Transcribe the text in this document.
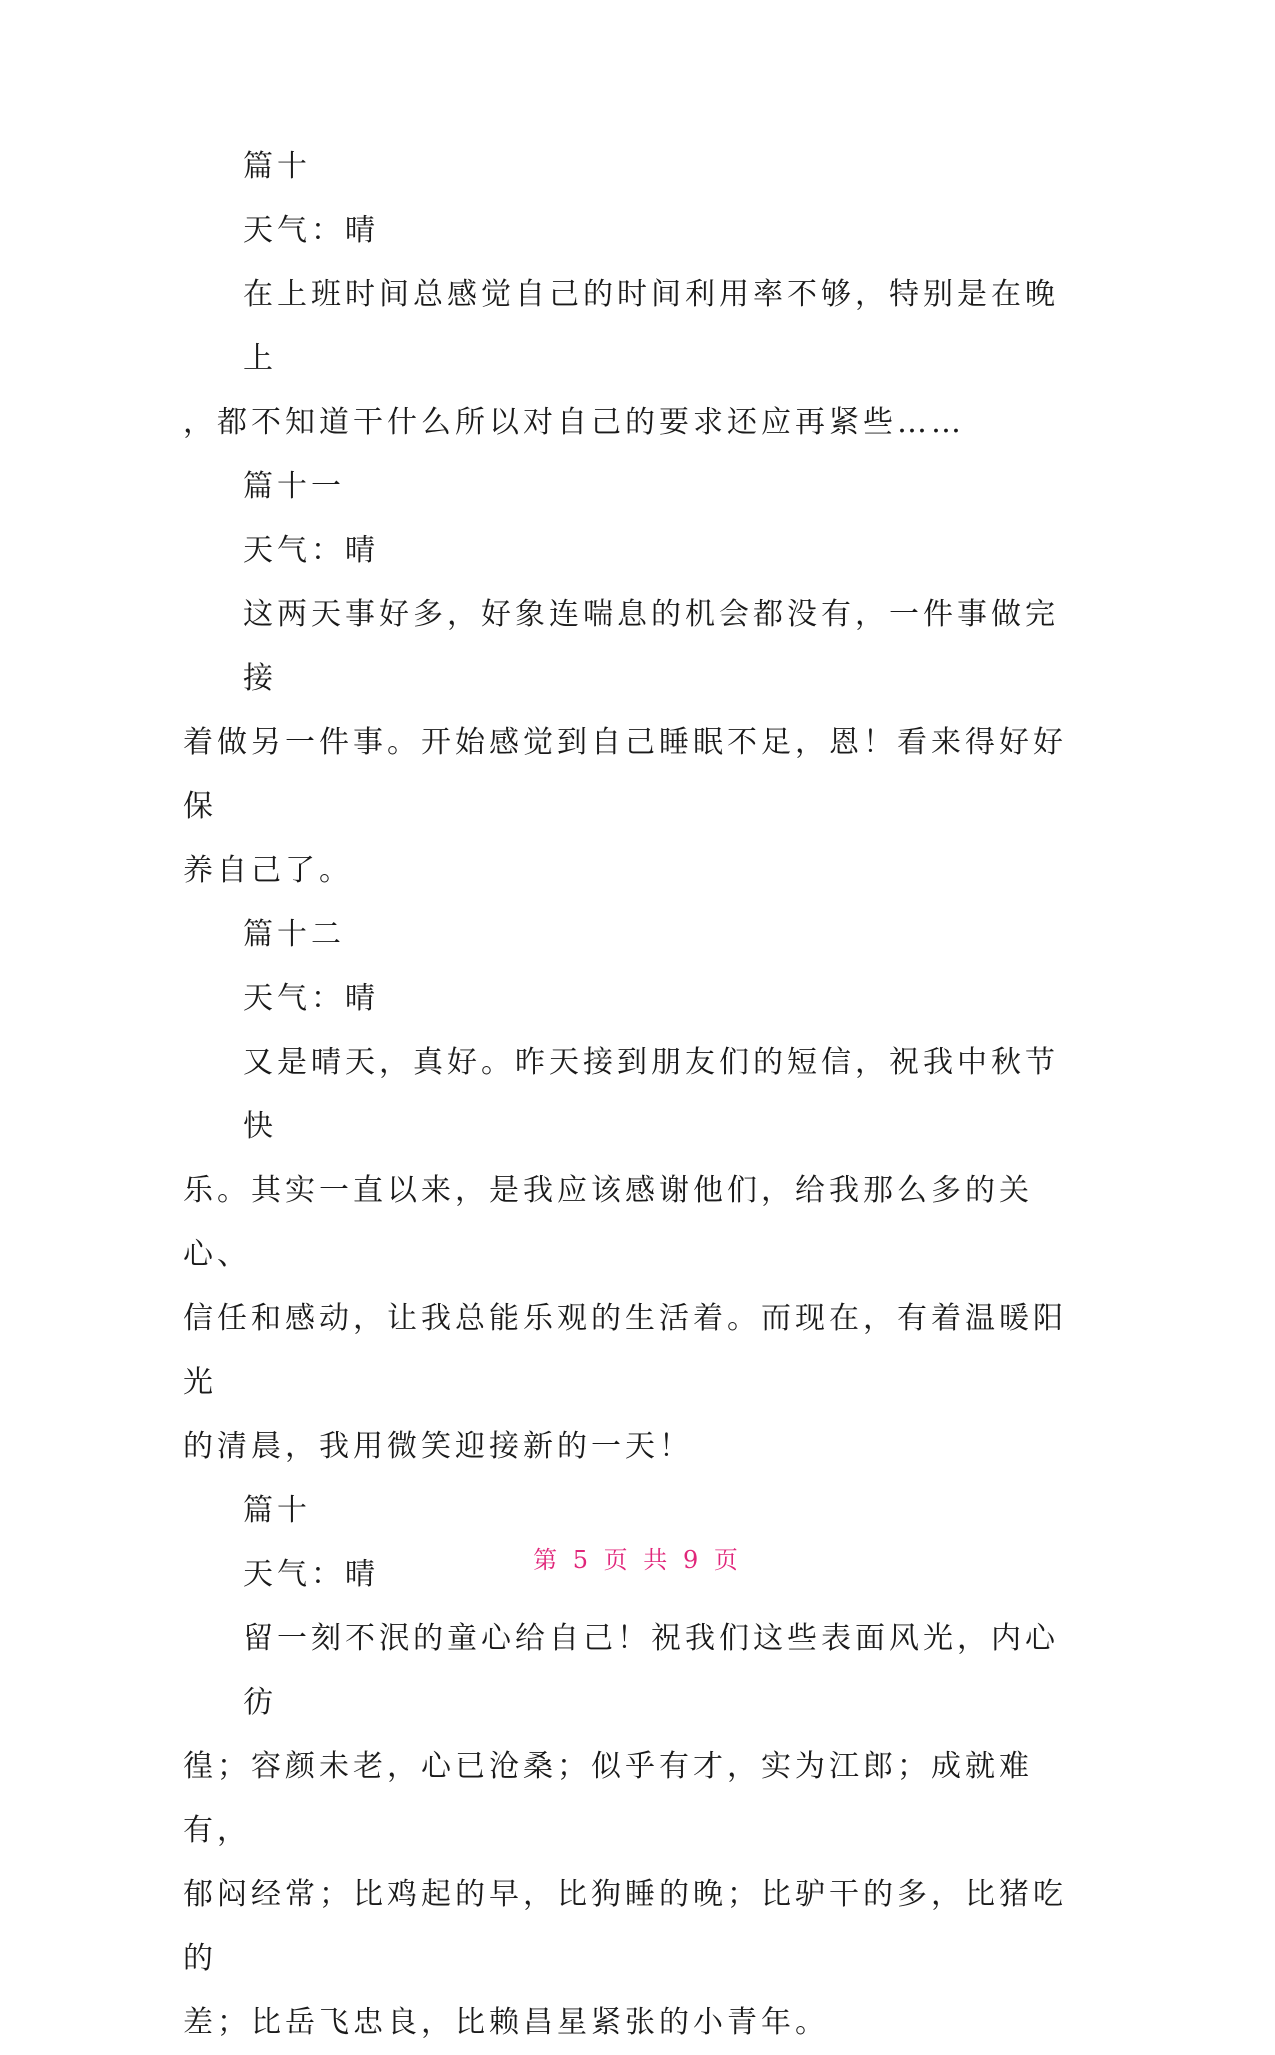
篇十

天气：晴

在上班时间总感觉自己的时间利用率不够，特别是在晚上

，都不知道干什么所以对自己的要求还应再紧些……

篇十一

天气：晴

这两天事好多，好象连喘息的机会都没有，一件事做完接

着做另一件事。开始感觉到自己睡眠不足，恩！看来得好好保

养自己了。

篇十二

天气：晴

又是晴天，真好。昨天接到朋友们的短信，祝我中秋节快

乐。其实一直以来，是我应该感谢他们，给我那么多的关心、

信任和感动，让我总能乐观的生活着。而现在，有着温暖阳光

的清晨，我用微笑迎接新的一天！

篇十

天气：晴

留一刻不泯的童心给自己！祝我们这些表面风光，内心彷

徨；容颜未老，心已沧桑；似乎有才，实为江郎；成就难有，

郁闷经常；比鸡起的早，比狗睡的晚；比驴干的多，比猪吃的

差；比岳飞忠良，比赖昌星紧张的小青年。

第 5 页 共 9 页
